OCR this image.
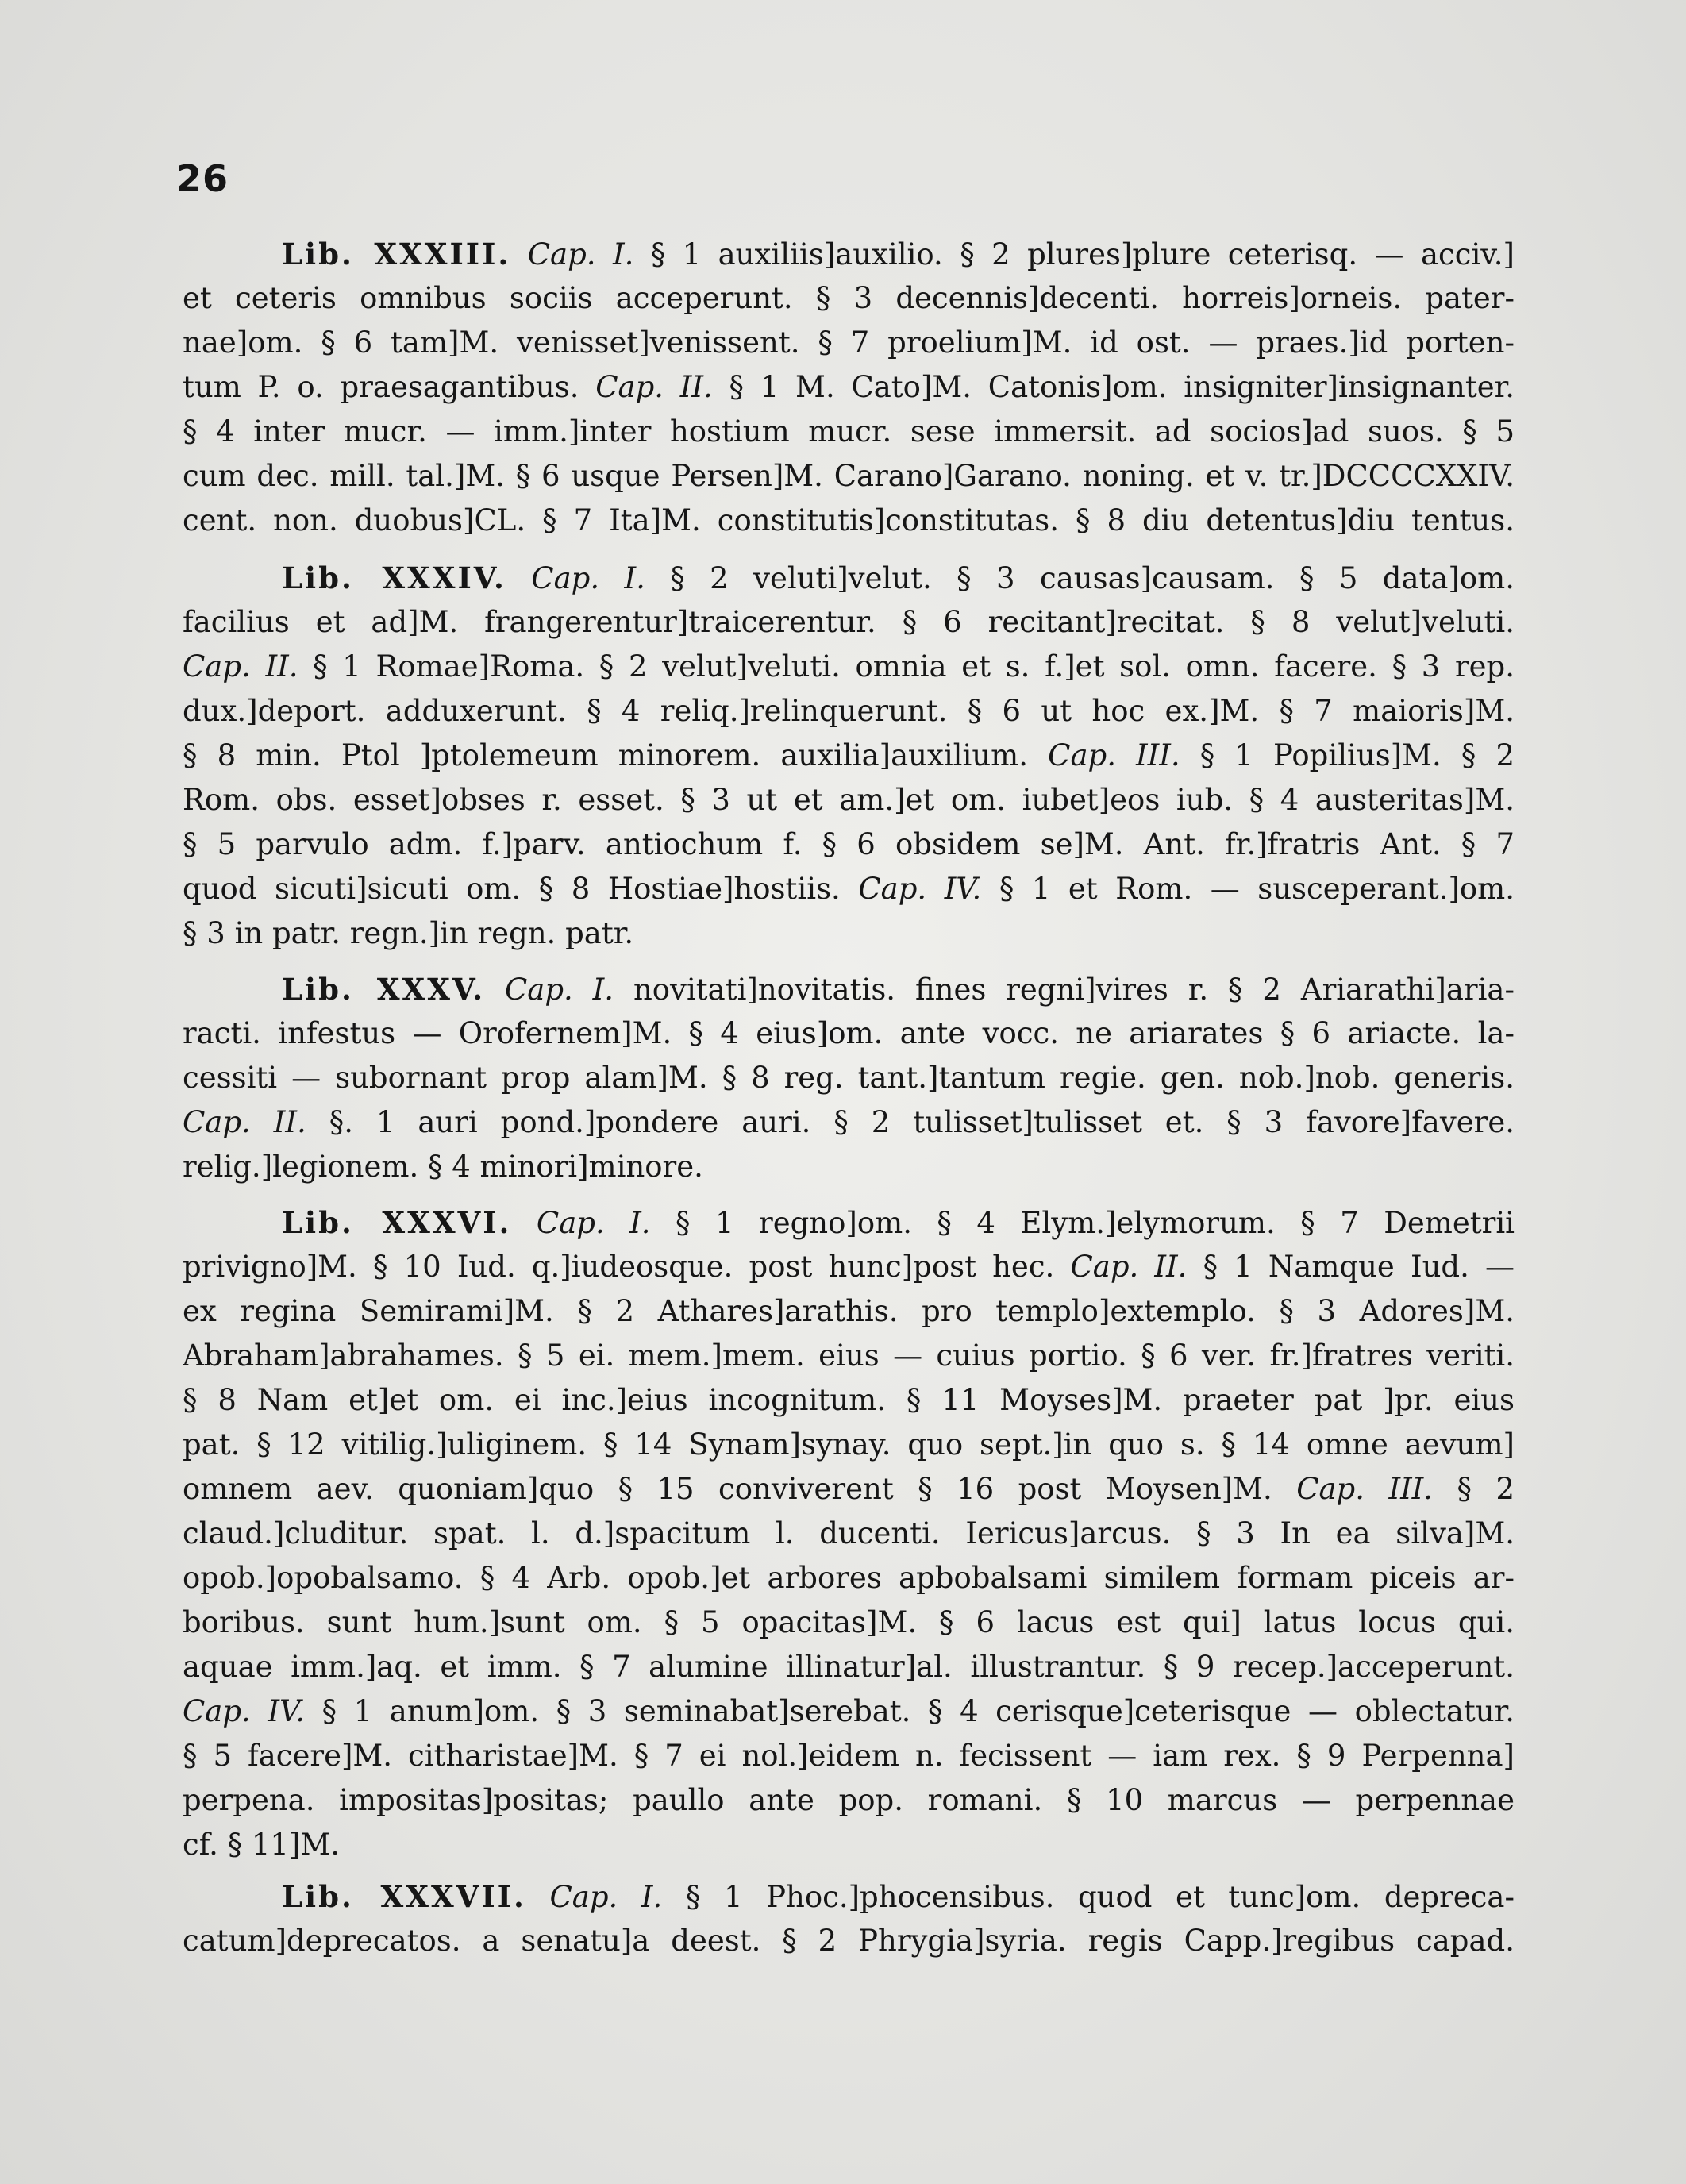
26
Lib. XXXIII. Cap. I. § 1 auxiliis]auxilio. § 2 plures]plure ceterisq. — acciv.]
et ceteris omnibus sociis acceperunt. § 3 decennis]decenti. horreis]orneis. pater-
nae]om. § 6 tam]M. venisset]venissent. § 7 proelium]M. id ost. — praes.]id porten-
tum P. o. praesagantibus. Cap. II. § 1 M. Cato]M. Catonis]om. insigniter]insignanter.
§ 4 inter mucr. — imm.]inter hostium mucr. sese immersit. ad socios]ad suos. § 5
cum dec. mill. tal.]M. § 6 usque Persen]M. Carano]Garano. noning. et v. tr.]DCCCCXXIV.
cent. non. duobus]CL. § 7 Ita]M. constitutis]constitutas. § 8 diu detentus]diu tentus.
Lib. XXXIV. Cap. I. § 2 veluti]velut. § 3 causas]causam. § 5 data]om.
facilius et ad]M. frangerentur]traicerentur. § 6 recitant]recitat. § 8 velut]veluti.
Cap. II. § 1 Romae]Roma. § 2 velut]veluti. omnia et s. f.]et sol. omn. facere. § 3 rep.
dux.]deport. adduxerunt. § 4 reliq.]relinquerunt. § 6 ut hoc ex.]M. § 7 maioris]M.
§ 8 min. Ptol ]ptolemeum minorem. auxilia]auxilium. Cap. III. § 1 Popilius]M. § 2
Rom. obs. esset]obses r. esset. § 3 ut et am.]et om. iubet]eos iub. § 4 austeritas]M.
§ 5 parvulo adm. f.]parv. antiochum f. § 6 obsidem se]M. Ant. fr.]fratris Ant. § 7
quod sicuti]sicuti om. § 8 Hostiae]hostiis. Cap. IV. § 1 et Rom. — susceperant.]om.
§ 3 in patr. regn.]in regn. patr.
Lib. XXXV. Cap. I. novitati]novitatis. fines regni]vires r. § 2 Ariarathi]aria-
racti. infestus — Orofernem]M. § 4 eius]om. ante vocc. ne ariarates § 6 ariacte. la-
cessiti — subornant prop alam]M. § 8 reg. tant.]tantum regie. gen. nob.]nob. generis.
Cap. II. §. 1 auri pond.]pondere auri. § 2 tulisset]tulisset et. § 3 favore]favere.
relig.]legionem. § 4 minori]minore.
Lib. XXXVI. Cap. I. § 1 regno]om. § 4 Elym.]elymorum. § 7 Demetrii
privigno]M. § 10 Iud. q.]iudeosque. post hunc]post hec. Cap. II. § 1 Namque Iud. —
ex regina Semirami]M. § 2 Athares]arathis. pro templo]extemplo. § 3 Adores]M.
Abraham]abrahames. § 5 ei. mem.]mem. eius — cuius portio. § 6 ver. fr.]fratres veriti.
§ 8 Nam et]et om. ei inc.]eius incognitum. § 11 Moyses]M. praeter pat ]pr. eius
pat. § 12 vitilig.]uliginem. § 14 Synam]synay. quo sept.]in quo s. § 14 omne aevum]
omnem aev. quoniam]quo § 15 conviverent § 16 post Moysen]M. Cap. III. § 2
claud.]cluditur. spat. l. d.]spacitum l. ducenti. Iericus]arcus. § 3 In ea silva]M.
opob.]opobalsamo. § 4 Arb. opob.]et arbores apbobalsami similem formam piceis ar-
boribus. sunt hum.]sunt om. § 5 opacitas]M. § 6 lacus est qui] latus locus qui.
aquae imm.]aq. et imm. § 7 alumine illinatur]al. illustrantur. § 9 recep.]acceperunt.
Cap. IV. § 1 anum]om. § 3 seminabat]serebat. § 4 cerisque]ceterisque — oblectatur.
§ 5 facere]M. citharistae]M. § 7 ei nol.]eidem n. fecissent — iam rex. § 9 Perpenna]
perpena. impositas]positas; paullo ante pop. romani. § 10 marcus — perpennae
cf. § 11]M.
Lib. XXXVII. Cap. I. § 1 Phoc.]phocensibus. quod et tunc]om. depreca-
catum]deprecatos. a senatu]a deest. § 2 Phrygia]syria. regis Capp.]regibus capad.
